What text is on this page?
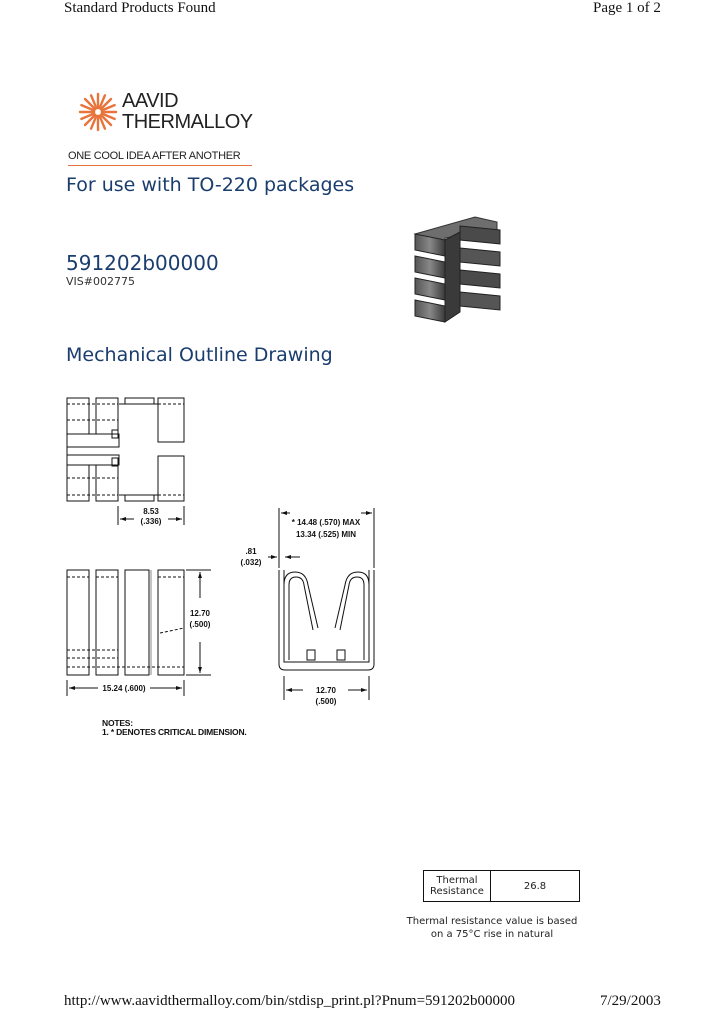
Standard Products Found	Page 1 of 2
AAVID
THERMALLOY
ONE COOL IDEA AFTER ANOTHER
For use with TO-220 packages
591202b00000
VIS#002775
Mechanical Outline Drawing
8.53
(.336)
12.70
(.500)
15.24 (.600)
* 14.48 (.570) MAX
13.34 (.525) MIN
.81
(.032)
12.70
(.500)
NOTES:
1. * DENOTES CRITICAL DIMENSION.
Thermal
Resistance	26.8
Thermal resistance value is based
on a 75°C rise in natural
http://www.aavidthermalloy.com/bin/stdisp_print.pl?Pnum=591202b00000	7/29/2003
